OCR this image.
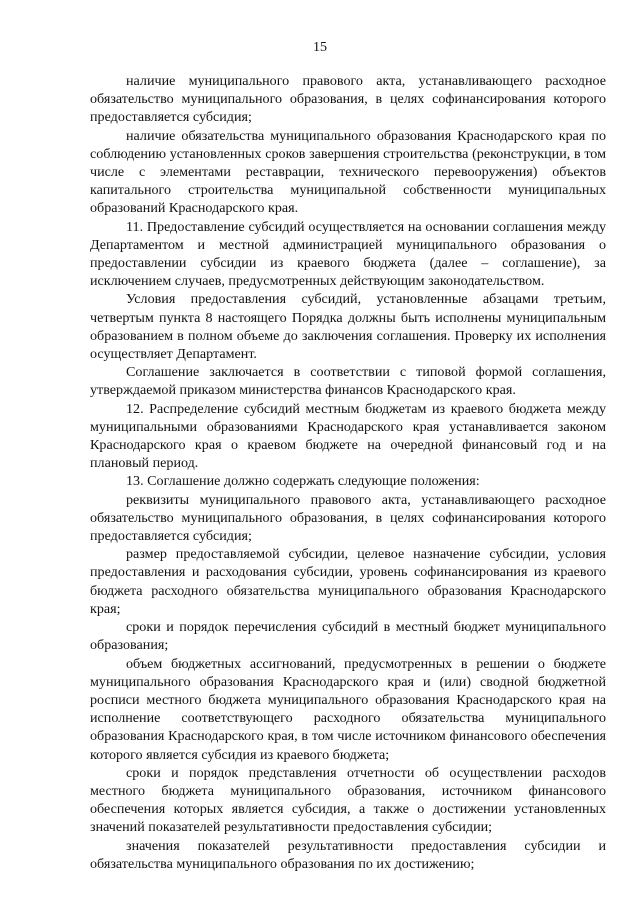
15

наличие муниципального правового акта, устанавливающего расходное обязательство муниципального образования, в целях софинансирования которого предоставляется субсидия;

наличие обязательства муниципального образования Краснодарского края по соблюдению установленных сроков завершения строительства (реконструкции, в том числе с элементами реставрации, технического перевооружения) объектов капитального строительства муниципальной собственности муниципальных образований Краснодарского края.

11. Предоставление субсидий осуществляется на основании соглашения между Департаментом и местной администрацией муниципального образования о предоставлении субсидии из краевого бюджета (далее – соглашение), за исключением случаев, предусмотренных действующим законодательством.

Условия предоставления субсидий, установленные абзацами третьим, четвертым пункта 8 настоящего Порядка должны быть исполнены муниципальным образованием в полном объеме до заключения соглашения. Проверку их исполнения осуществляет Департамент.

Соглашение заключается в соответствии с типовой формой соглашения, утверждаемой приказом министерства финансов Краснодарского края.

12. Распределение субсидий местным бюджетам из краевого бюджета между муниципальными образованиями Краснодарского края устанавливается законом Краснодарского края о краевом бюджете на очередной финансовый год и на плановый период.

13. Соглашение должно содержать следующие положения:

реквизиты муниципального правового акта, устанавливающего расходное обязательство муниципального образования, в целях софинансирования которого предоставляется субсидия;

размер предоставляемой субсидии, целевое назначение субсидии, условия предоставления и расходования субсидии, уровень софинансирования из краевого бюджета расходного обязательства муниципального образования Краснодарского края;

сроки и порядок перечисления субсидий в местный бюджет муниципального образования;

объем бюджетных ассигнований, предусмотренных в решении о бюджете муниципального образования Краснодарского края и (или) сводной бюджетной росписи местного бюджета муниципального образования Краснодарского края на исполнение соответствующего расходного обязательства муниципального образования Краснодарского края, в том числе источником финансового обеспечения которого является субсидия из краевого бюджета;

сроки и порядок представления отчетности об осуществлении расходов местного бюджета муниципального образования, источником финансового обеспечения которых является субсидия, а также о достижении установленных значений показателей результативности предоставления субсидии;

значения показателей результативности предоставления субсидии и обязательства муниципального образования по их достижению;
